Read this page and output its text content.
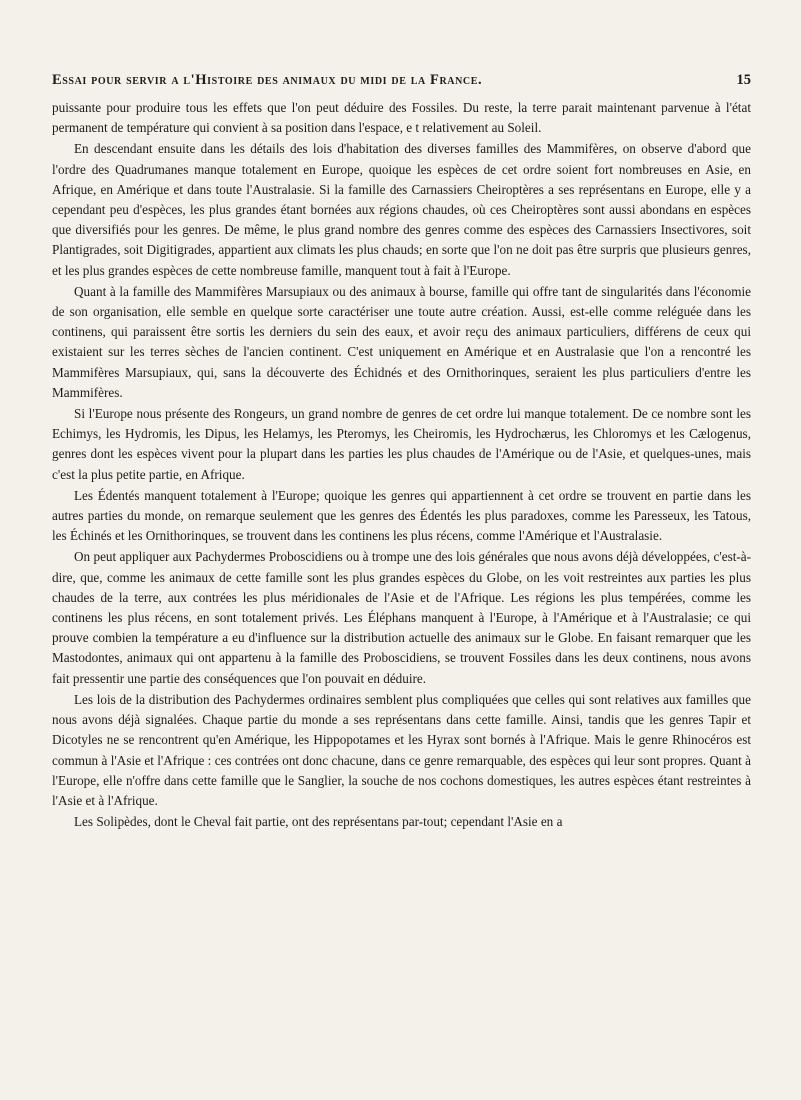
Essai pour servir a l'Histoire des animaux du midi de la France.	15

puissante pour produire tous les effets que l'on peut déduire des Fossiles. Du reste, la terre parait maintenant parvenue à l'état permanent de température qui convient à sa position dans l'espace, e t relativement au Soleil.

En descendant ensuite dans les détails des lois d'habitation des diverses familles des Mammifères, on observe d'abord que l'ordre des Quadrumanes manque totalement en Europe, quoique les espèces de cet ordre soient fort nombreuses en Asie, en Afrique, en Amérique et dans toute l'Australasie. Si la famille des Carnassiers Cheiroptères a ses représentans en Europe, elle y a cependant peu d'espèces, les plus grandes étant bornées aux régions chaudes, où ces Cheiroptères sont aussi abondans en espèces que diversifiés pour les genres. De même, le plus grand nombre des genres comme des espèces des Carnassiers Insectivores, soit Plantigrades, soit Digitigrades, appartient aux climats les plus chauds; en sorte que l'on ne doit pas être surpris que plusieurs genres, et les plus grandes espèces de cette nombreuse famille, manquent tout à fait à l'Europe.

Quant à la famille des Mammifères Marsupiaux ou des animaux à bourse, famille qui offre tant de singularités dans l'économie de son organisation, elle semble en quelque sorte caractériser une toute autre création. Aussi, est-elle comme reléguée dans les continens, qui paraissent être sortis les derniers du sein des eaux, et avoir reçu des animaux particuliers, différens de ceux qui existaient sur les terres sèches de l'ancien continent. C'est uniquement en Amérique et en Australasie que l'on a rencontré les Mammifères Marsupiaux, qui, sans la découverte des Échidnés et des Ornithorinques, seraient les plus particuliers d'entre les Mammifères.

Si l'Europe nous présente des Rongeurs, un grand nombre de genres de cet ordre lui manque totalement. De ce nombre sont les Echimys, les Hydromis, les Dipus, les Helamys, les Pteromys, les Cheiromis, les Hydrochærus, les Chloromys et les Cælogenus, genres dont les espèces vivent pour la plupart dans les parties les plus chaudes de l'Amérique ou de l'Asie, et quelques-unes, mais c'est la plus petite partie, en Afrique.

Les Édentés manquent totalement à l'Europe; quoique les genres qui appartiennent à cet ordre se trouvent en partie dans les autres parties du monde, on remarque seulement que les genres des Édentés les plus paradoxes, comme les Paresseux, les Tatous, les Échinés et les Ornithorinques, se trouvent dans les continens les plus récens, comme l'Amérique et l'Australasie.

On peut appliquer aux Pachydermes Proboscidiens ou à trompe une des lois générales que nous avons déjà développées, c'est-à-dire, que, comme les animaux de cette famille sont les plus grandes espèces du Globe, on les voit restreintes aux parties les plus chaudes de la terre, aux contrées les plus méridionales de l'Asie et de l'Afrique. Les régions les plus tempérées, comme les continens les plus récens, en sont totalement privés. Les Éléphans manquent à l'Europe, à l'Amérique et à l'Australasie; ce qui prouve combien la température a eu d'influence sur la distribution actuelle des animaux sur le Globe. En faisant remarquer que les Mastodontes, animaux qui ont appartenu à la famille des Proboscidiens, se trouvent Fossiles dans les deux continens, nous avons fait pressentir une partie des conséquences que l'on pouvait en déduire.

Les lois de la distribution des Pachydermes ordinaires semblent plus compliquées que celles qui sont relatives aux familles que nous avons déjà signalées. Chaque partie du monde a ses représentans dans cette famille. Ainsi, tandis que les genres Tapir et Dicotyles ne se rencontrent qu'en Amérique, les Hippopotames et les Hyrax sont bornés à l'Afrique. Mais le genre Rhinocéros est commun à l'Asie et l'Afrique : ces contrées ont donc chacune, dans ce genre remarquable, des espèces qui leur sont propres. Quant à l'Europe, elle n'offre dans cette famille que le Sanglier, la souche de nos cochons domestiques, les autres espèces étant restreintes à l'Asie et à l'Afrique.

Les Solipèdes, dont le Cheval fait partie, ont des représentans par-tout; cependant l'Asie en a
